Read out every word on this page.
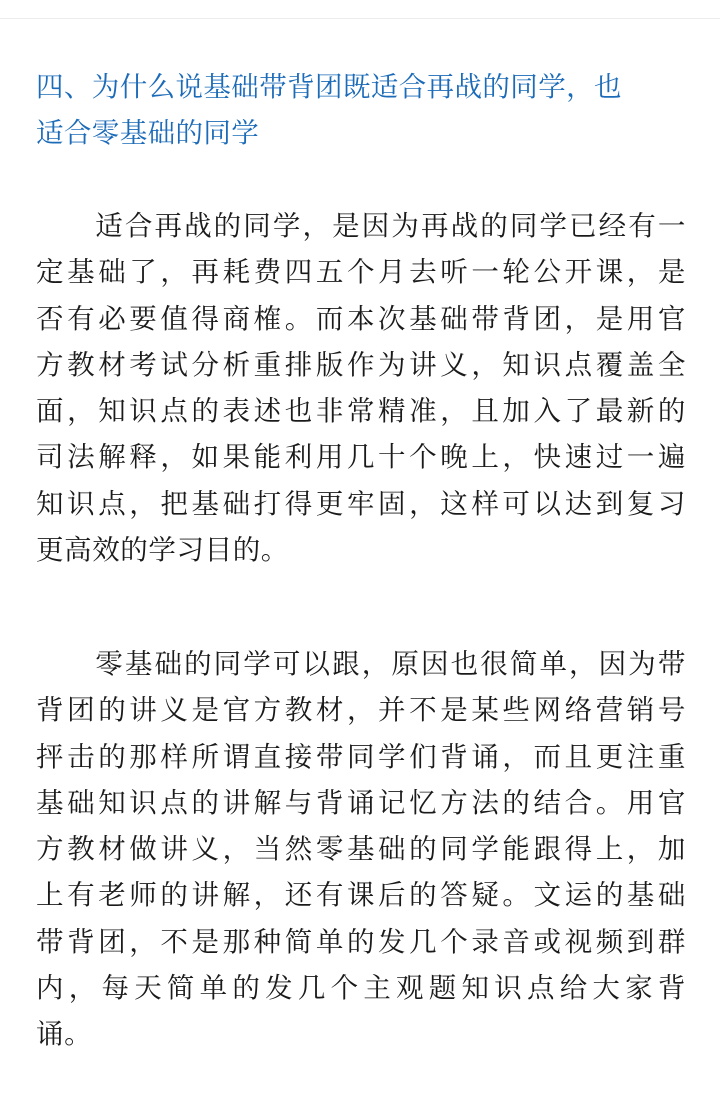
四、为什么说基础带背团既适合再战的同学，也
适合零基础的同学
　　适合再战的同学，是因为再战的同学已经有一
定基础了，再耗费四五个月去听一轮公开课，是
否有必要值得商榷。而本次基础带背团，是用官
方教材考试分析重排版作为讲义，知识点覆盖全
面，知识点的表述也非常精准，且加入了最新的
司法解释，如果能利用几十个晚上，快速过一遍
知识点，把基础打得更牢固，这样可以达到复习
更高效的学习目的。
　　零基础的同学可以跟，原因也很简单，因为带
背团的讲义是官方教材，并不是某些网络营销号
抨击的那样所谓直接带同学们背诵，而且更注重
基础知识点的讲解与背诵记忆方法的结合。用官
方教材做讲义，当然零基础的同学能跟得上，加
上有老师的讲解，还有课后的答疑。文运的基础
带背团，不是那种简单的发几个录音或视频到群
内，每天简单的发几个主观题知识点给大家背
诵。
